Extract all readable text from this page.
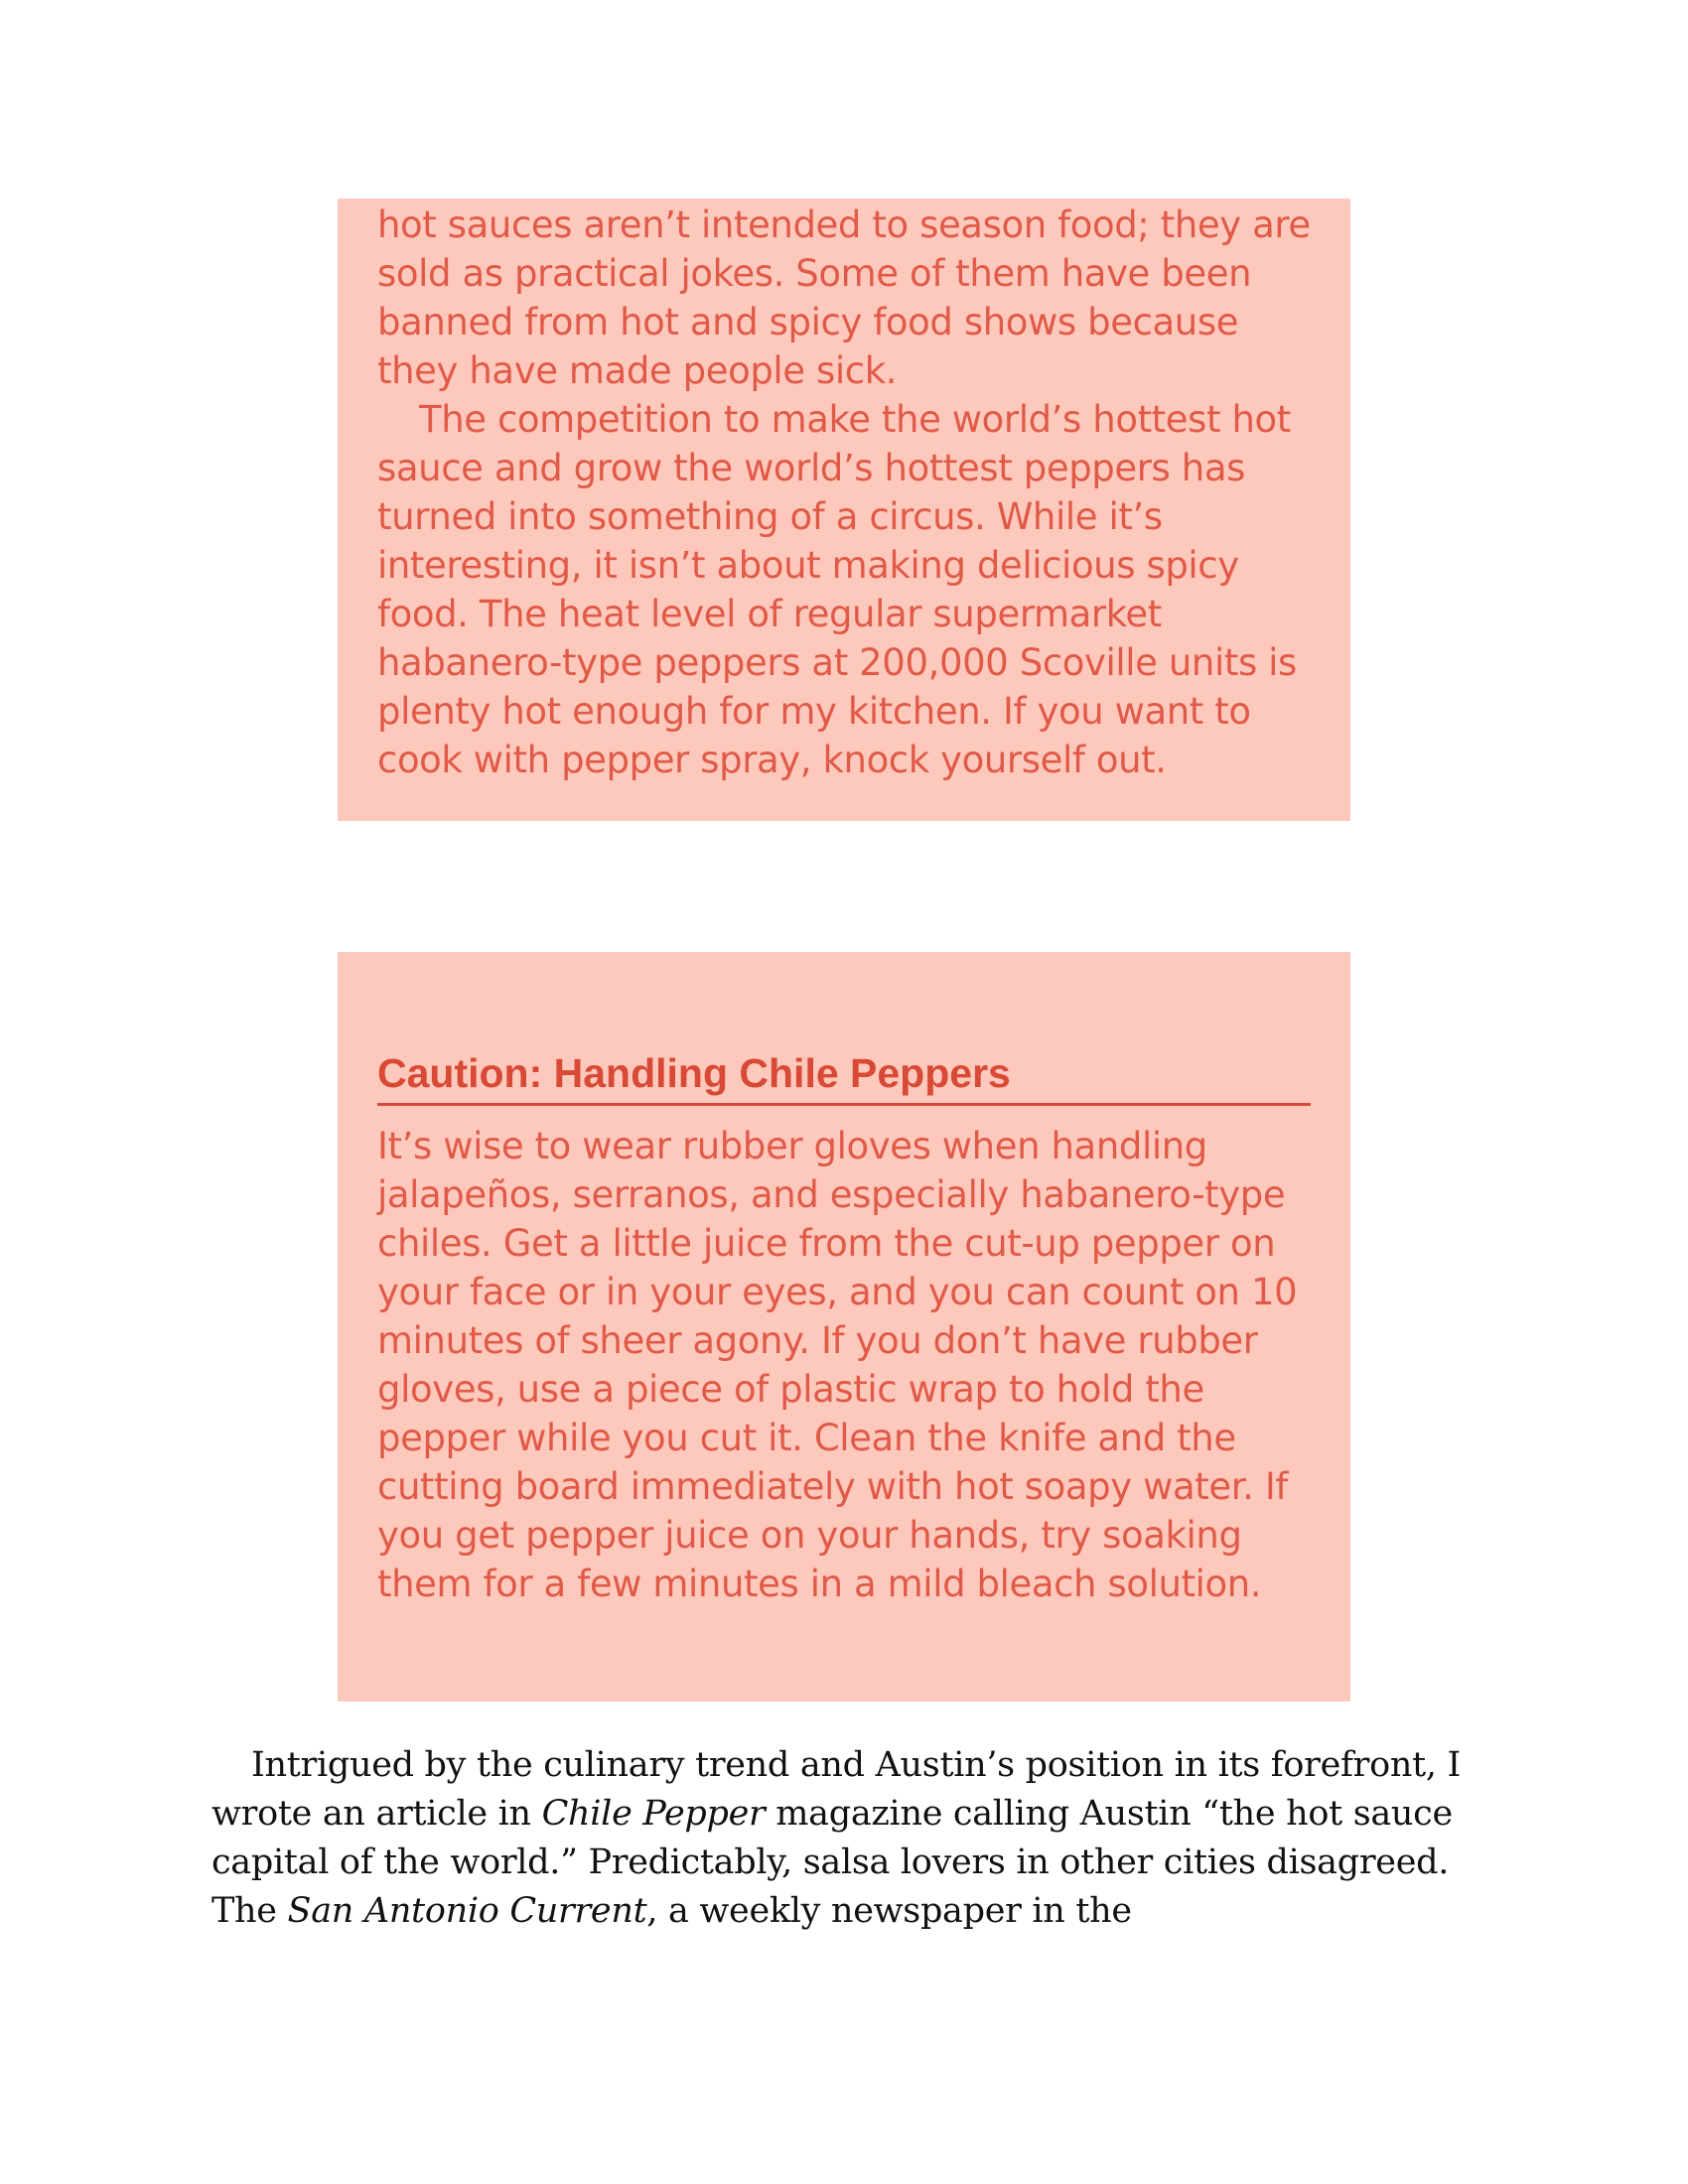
hot sauces aren’t intended to season food; they are sold as practical jokes. Some of them have been banned from hot and spicy food shows because they have made people sick.

The competition to make the world’s hottest hot sauce and grow the world’s hottest peppers has turned into something of a circus. While it’s interesting, it isn’t about making delicious spicy food. The heat level of regular supermarket habanero-type peppers at 200,000 Scoville units is plenty hot enough for my kitchen. If you want to cook with pepper spray, knock yourself out.

Caution: Handling Chile Peppers

It’s wise to wear rubber gloves when handling jalapeños, serranos, and especially habanero-type chiles. Get a little juice from the cut-up pepper on your face or in your eyes, and you can count on 10 minutes of sheer agony. If you don’t have rubber gloves, use a piece of plastic wrap to hold the pepper while you cut it. Clean the knife and the cutting board immediately with hot soapy water. If you get pepper juice on your hands, try soaking them for a few minutes in a mild bleach solution.

Intrigued by the culinary trend and Austin’s position in its forefront, I wrote an article in Chile Pepper magazine calling Austin “the hot sauce capital of the world.” Predictably, salsa lovers in other cities disagreed. The San Antonio Current, a weekly newspaper in the
